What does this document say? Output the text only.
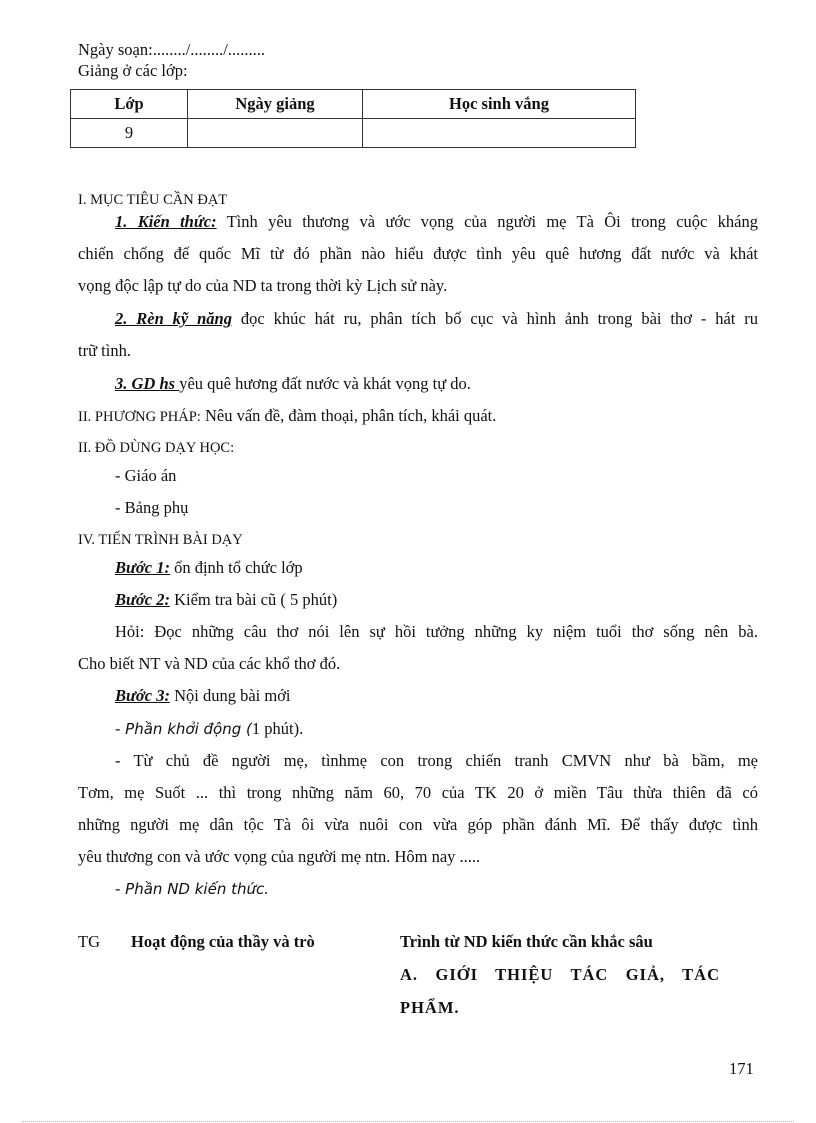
Ngày soạn:......../......../.........
Giảng ở các lớp:
Lớp	Ngày giảng	Học sinh vắng
9		
I. MỤC TIÊU CẦN ĐẠT
1. Kiến thức: Tình yêu thương và ước vọng của người mẹ Tà Ôi trong cuộc kháng
chiến chống đế quốc Mĩ từ đó phần nào hiểu được tình yêu quê hương đất nước và khát
vọng độc lập tự do của ND ta trong thời kỳ Lịch sử này.
2. Rèn kỹ năng đọc khúc hát ru, phân tích bố cục và hình ảnh trong bài thơ - hát ru
trữ tình.
3. GD hs yêu quê hương đất nước và khát vọng tự do.
II. PHƯƠNG PHÁP: Nêu vấn đề, đàm thoại, phân tích, khái quát.
II. ĐỒ DÙNG DẠY HỌC:
- Giáo án
- Bảng phụ
IV. TIẾN TRÌNH BÀI DẠY
Bước 1: ổn định tổ chức lớp
Bước 2: Kiểm tra bài cũ ( 5 phút)
Hỏi: Đọc những câu thơ nói lên sự hồi tưởng những ky niệm tuổi thơ sống nên bà.
Cho biết NT và ND của các khổ thơ đó.
Bước 3: Nội dung bài mới
- Phần khởi động (1 phút).
- Từ chủ đề người mẹ, tìnhmẹ con trong chiến tranh CMVN như bà bầm, mẹ
Tơm, mẹ Suốt ... thì trong những năm 60, 70 của TK 20 ở miền Tâu thừa thiên đã có
những người mẹ dân tộc Tà ôi vừa nuôi con vừa góp phần đánh Mĩ. Để thấy được tình
yêu thương con và ước vọng của người mẹ ntn. Hôm nay .....
- Phần ND kiến thức.
TG Hoạt động của thầy và trò	Trình từ ND kiến thức cần khắc sâu
A. GIỚI THIỆU TÁC GIẢ, TÁC PHẨM.
171
